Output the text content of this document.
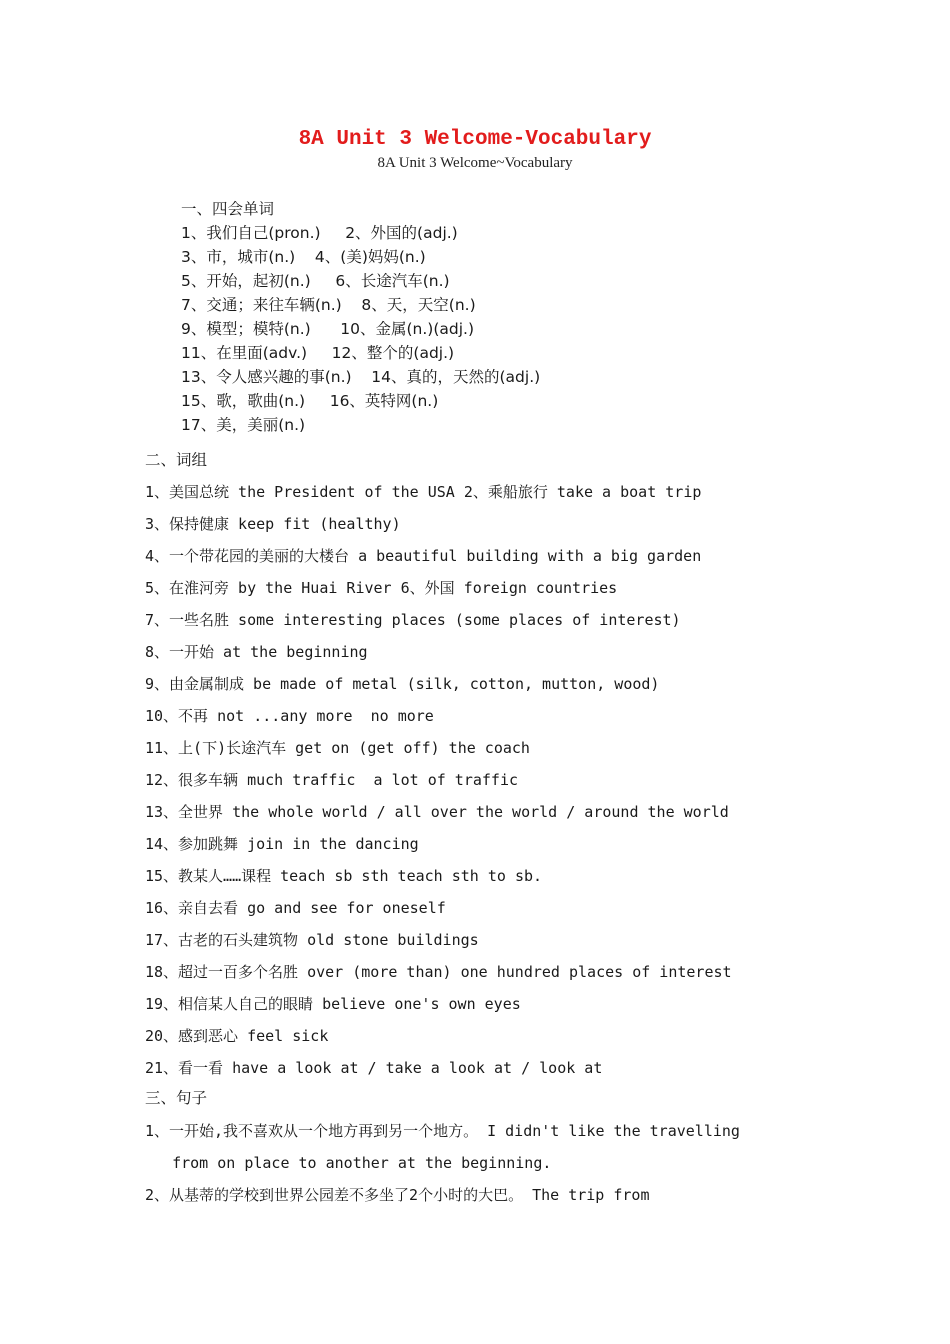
8A Unit 3 Welcome-Vocabulary
8A Unit 3 Welcome~Vocabulary
一、四会单词
1、我们自己(pron.)     2、外国的(adj.)
3、市，城市(n.)    4、(美)妈妈(n.)
5、开始，起初(n.)     6、长途汽车(n.)
7、交通；来往车辆(n.)    8、天，天空(n.)
9、模型；模特(n.)      10、金属(n.)(adj.)
11、在里面(adv.)     12、整个的(adj.)
13、令人感兴趣的事(n.)    14、真的，天然的(adj.)
15、歌，歌曲(n.)     16、英特网(n.)
17、美，美丽(n.)
二、词组
1、美国总统 the President of the USA 2、乘船旅行 take a boat trip
3、保持健康 keep fit (healthy)
4、一个带花园的美丽的大楼台 a beautiful building with a big garden
5、在淮河旁 by the Huai River 6、外国 foreign countries
7、一些名胜 some interesting places (some places of interest)
8、一开始 at the beginning
9、由金属制成 be made of metal (silk, cotton, mutton, wood)
10、不再 not ...any more  no more
11、上(下)长途汽车 get on (get off) the coach
12、很多车辆 much traffic  a lot of traffic
13、全世界 the whole world / all over the world / around the world
14、参加跳舞 join in the dancing
15、教某人……课程 teach sb sth teach sth to sb.
16、亲自去看 go and see for oneself
17、古老的石头建筑物 old stone buildings
18、超过一百多个名胜 over (more than) one hundred places of interest
19、相信某人自己的眼睛 believe one's own eyes
20、感到恶心 feel sick
21、看一看 have a look at / take a look at / look at
三、句子
1、一开始,我不喜欢从一个地方再到另一个地方。 I didn't like the travelling
from on place to another at the beginning.
2、从基蒂的学校到世界公园差不多坐了2个小时的大巴。 The trip from
